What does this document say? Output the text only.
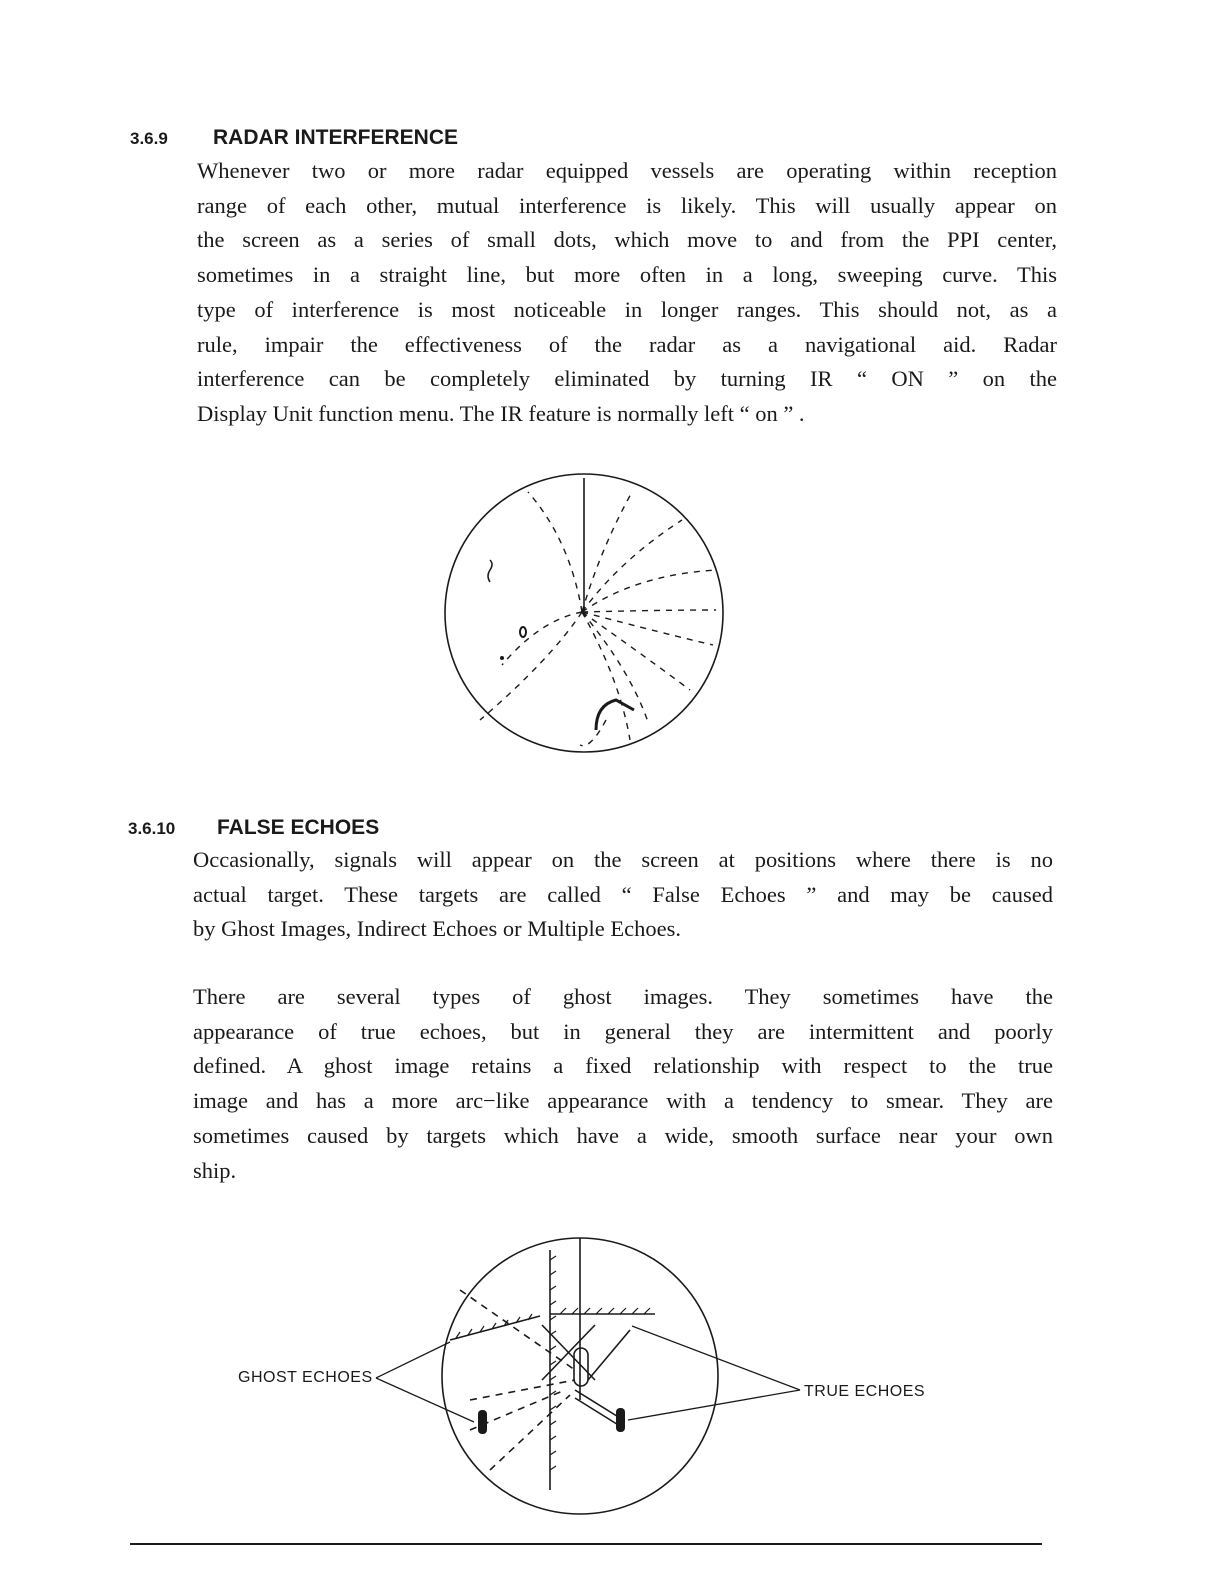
3.6.9	RADAR INTERFERENCE
Whenever two or more radar equipped vessels are operating within reception
range of each other, mutual interference is likely. This will usually appear on
the screen as a series of small dots, which move to and from the PPI center,
sometimes in a straight line, but more often in a long, sweeping curve. This
type of interference is most noticeable in longer ranges. This should not, as a
rule, impair the effectiveness of the radar as a navigational aid. Radar
interference can be completely eliminated by turning IR “ ON ” on the
Display Unit function menu. The IR feature is normally left “ on ” .
3.6.10	FALSE ECHOES
Occasionally, signals will appear on the screen at positions where there is no
actual target. These targets are called “ False Echoes ” and may be caused
by Ghost Images, Indirect Echoes or Multiple Echoes.
There are several types of ghost images. They sometimes have the
appearance of true echoes, but in general they are intermittent and poorly
defined. A ghost image retains a fixed relationship with respect to the true
image and has a more arc−like appearance with a tendency to smear. They are
sometimes caused by targets which have a wide, smooth surface near your own
ship.
GHOST ECHOES
TRUE ECHOES
